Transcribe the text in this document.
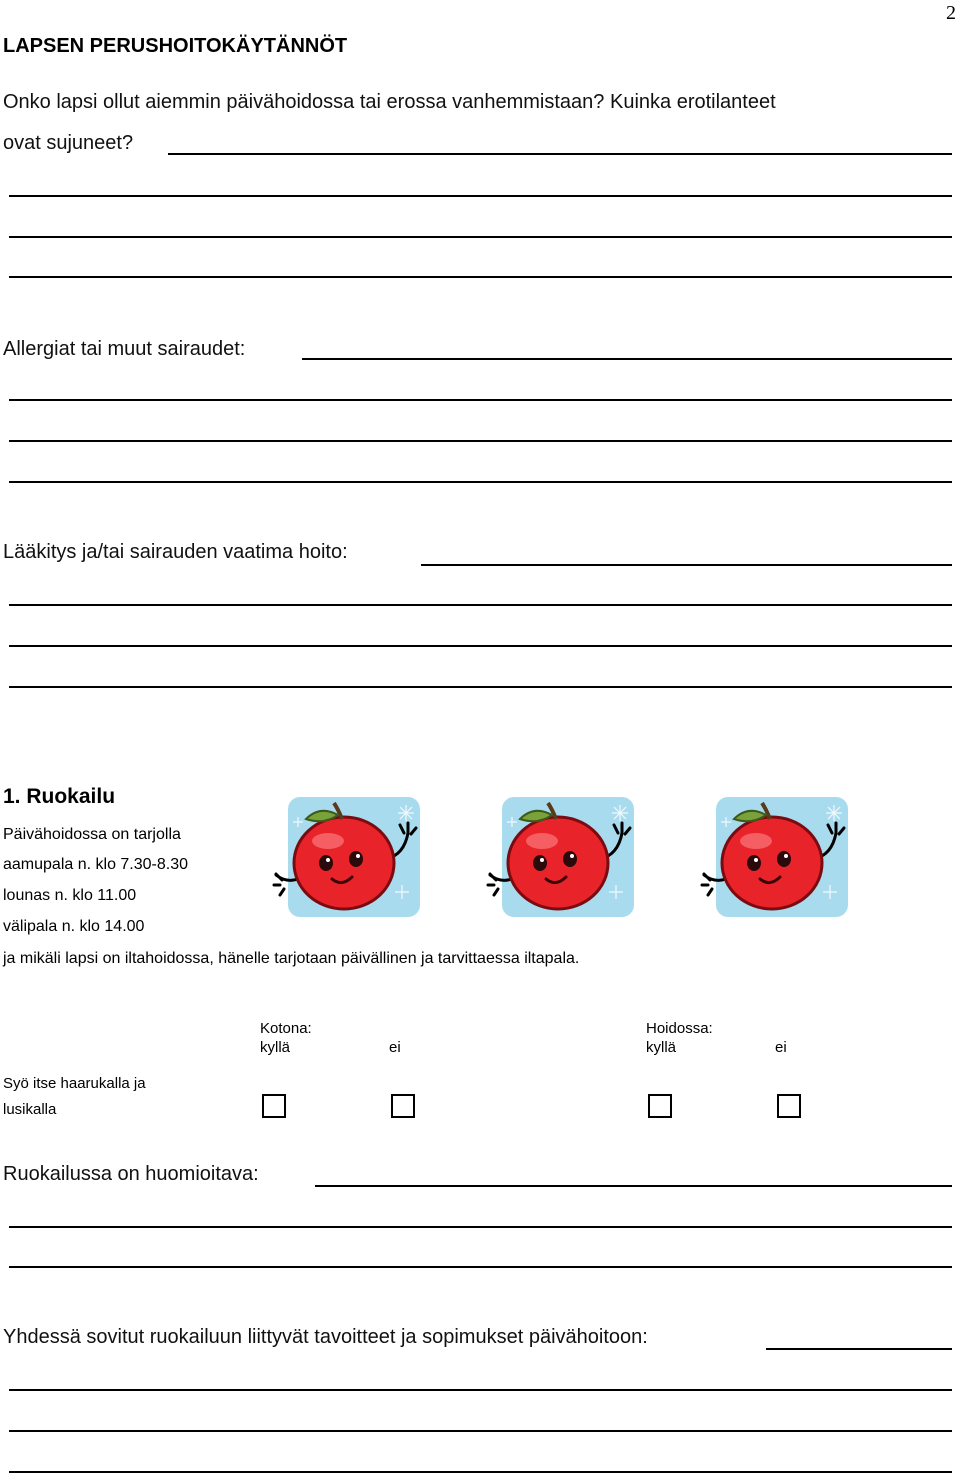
2
LAPSEN PERUSHOITOKÄYTÄNNÖT
Onko lapsi ollut aiemmin päivähoidossa tai erossa vanhemmistaan? Kuinka erotilanteet
ovat sujuneet?
Allergiat tai muut sairaudet:
Lääkitys ja/tai sairauden vaatima hoito:
1. Ruokailu
Päivähoidossa on tarjolla
aamupala n. klo 7.30-8.30
lounas n. klo 11.00
välipala n. klo 14.00
ja mikäli lapsi on iltahoidossa, hänelle tarjotaan päivällinen ja tarvittaessa iltapala.
Kotona:
kyllä	ei
Hoidossa:
kyllä	ei
Syö itse haarukalla ja
lusikalla
Ruokailussa on huomioitava:
Yhdessä sovitut ruokailuun liittyvät tavoitteet ja sopimukset päivähoitoon:
